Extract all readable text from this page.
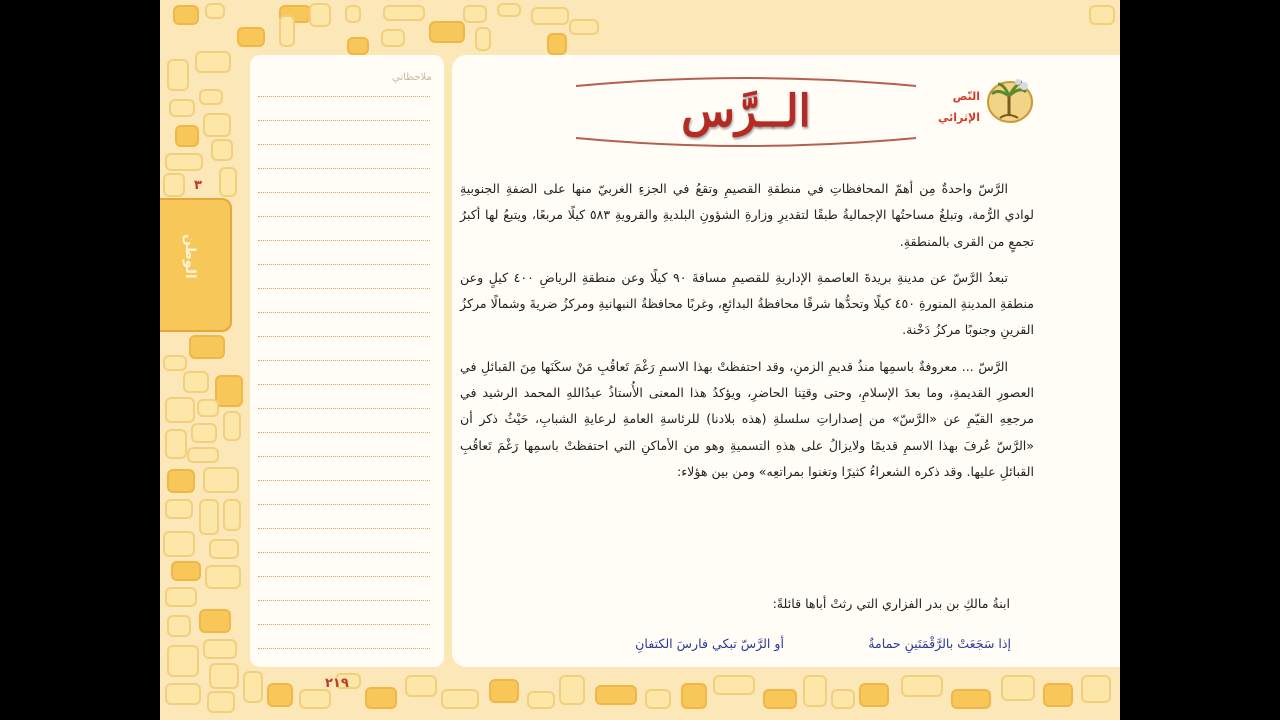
ملاحظاتي
٣
الوطن
الــرَّس	النّص
الإثرائي

الرَّسّ واحدةٌ مِن أهمّ المحافظاتِ في منطقةِ القصيمِ وتقعُ في الجزءِ الغربيّ منها على الضفةِ الجنوبيةِ لوادي الرُّمة، وتبلغُ مساحتُها الإجماليةُ طبقًا لتقديرِ وزارةِ الشؤونِ البلديةِ والقرويةِ ٥٨٣ كيلًا مربعًا، ويتبعُ لها أكبرُ تجمعٍ من القرى بالمنطقةِ.

تبعدُ الرَّسّ عن مدينةِ بريدةَ العاصمةِ الإداريةِ للقصيمِ مسافةَ ٩٠ كيلًا وعن منطقةِ الرياضِ ٤٠٠ كيلٍ وعن منطقةِ المدينةِ المنورةِ ٤٥٠ كيلًا وتحدُّها شرقًا محافظةُ البدائعِ، وغربًا محافظةُ النبهانيةِ ومركزُ ضريةَ وشمالًا مركزُ القرينِ وجنوبًا مركزُ دَخْنة.

الرَّسّ ... معروفةٌ باسمِها منذُ قديمِ الزمنِ، وقد احتفظتْ بهذا الاسمِ رَغْمَ تَعاقُبِ مَنْ سكَنَها مِنَ القبائلِ في العصورِ القديمةِ، وما بعدَ الإسلامِ، وحتى وقتِنا الحاضرِ، ويؤكدُ هذا المعنى الأُستاذُ عبدُاللهِ المحمد الرشيد في مرجعِهِ القيّمِ عن «الرَّسّ» من إصداراتِ سلسلةِ (هذه بلادنا) للرئاسةِ العامةِ لرعايةِ الشبابِ، حَيْثُ ذكر أن «الرَّسّ عُرفَ بهذا الاسمِ قديمًا ولايزالُ على هذهِ التسميةِ وهو من الأماكنِ التي احتفظتْ باسمِها رَغْمَ تَعاقُبِ القبائلِ عليها. وقد ذكره الشعراءُ كثيرًا وتغنوا بمراتعِه» ومن بين هؤلاء:

ابنةُ مالكِ بن بدر الفزاري التي رثتْ أباها قائلةً:
إذا سَجَعَتْ بالرَّقْمَتَينِ حمامةٌ
أو الرَّسّ تبكي فارسَ الكتفانِ
٢١٩
